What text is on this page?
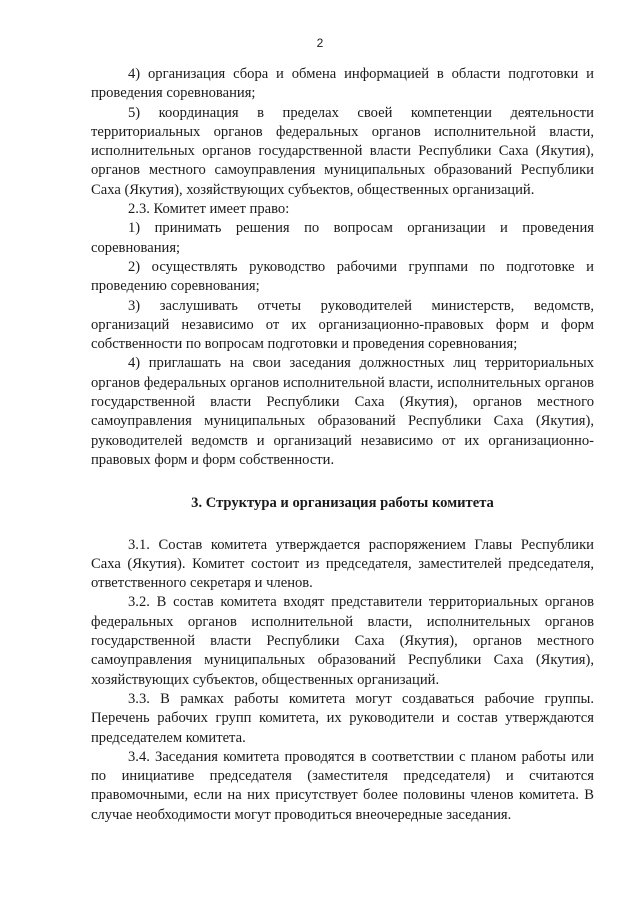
2

4) организация сбора и обмена информацией в области подготовки и проведения соревнования;

5) координация в пределах своей компетенции деятельности территориальных органов федеральных органов исполнительной власти, исполнительных органов государственной власти Республики Саха (Якутия), органов местного самоуправления муниципальных образований Республики Саха (Якутия), хозяйствующих субъектов, общественных организаций.

2.3. Комитет имеет право:

1) принимать решения по вопросам организации и проведения соревнования;

2) осуществлять руководство рабочими группами по подготовке и проведению соревнования;

3) заслушивать отчеты руководителей министерств, ведомств, организаций независимо от их организационно-правовых форм и форм собственности по вопросам подготовки и проведения соревнования;

4) приглашать на свои заседания должностных лиц территориальных органов федеральных органов исполнительной власти, исполнительных органов государственной власти Республики Саха (Якутия), органов местного самоуправления муниципальных образований Республики Саха (Якутия), руководителей ведомств и организаций независимо от их организационно-правовых форм и форм собственности.

3. Структура и организация работы комитета

3.1. Состав комитета утверждается распоряжением Главы Республики Саха (Якутия). Комитет состоит из председателя, заместителей председателя, ответственного секретаря и членов.

3.2. В состав комитета входят представители территориальных органов федеральных органов исполнительной власти, исполнительных органов государственной власти Республики Саха (Якутия), органов местного самоуправления муниципальных образований Республики Саха (Якутия), хозяйствующих субъектов, общественных организаций.

3.3. В рамках работы комитета могут создаваться рабочие группы. Перечень рабочих групп комитета, их руководители и состав утверждаются председателем комитета.

3.4. Заседания комитета проводятся в соответствии с планом работы или по инициативе председателя (заместителя председателя) и считаются правомочными, если на них присутствует более половины членов комитета. В случае необходимости могут проводиться внеочередные заседания.
